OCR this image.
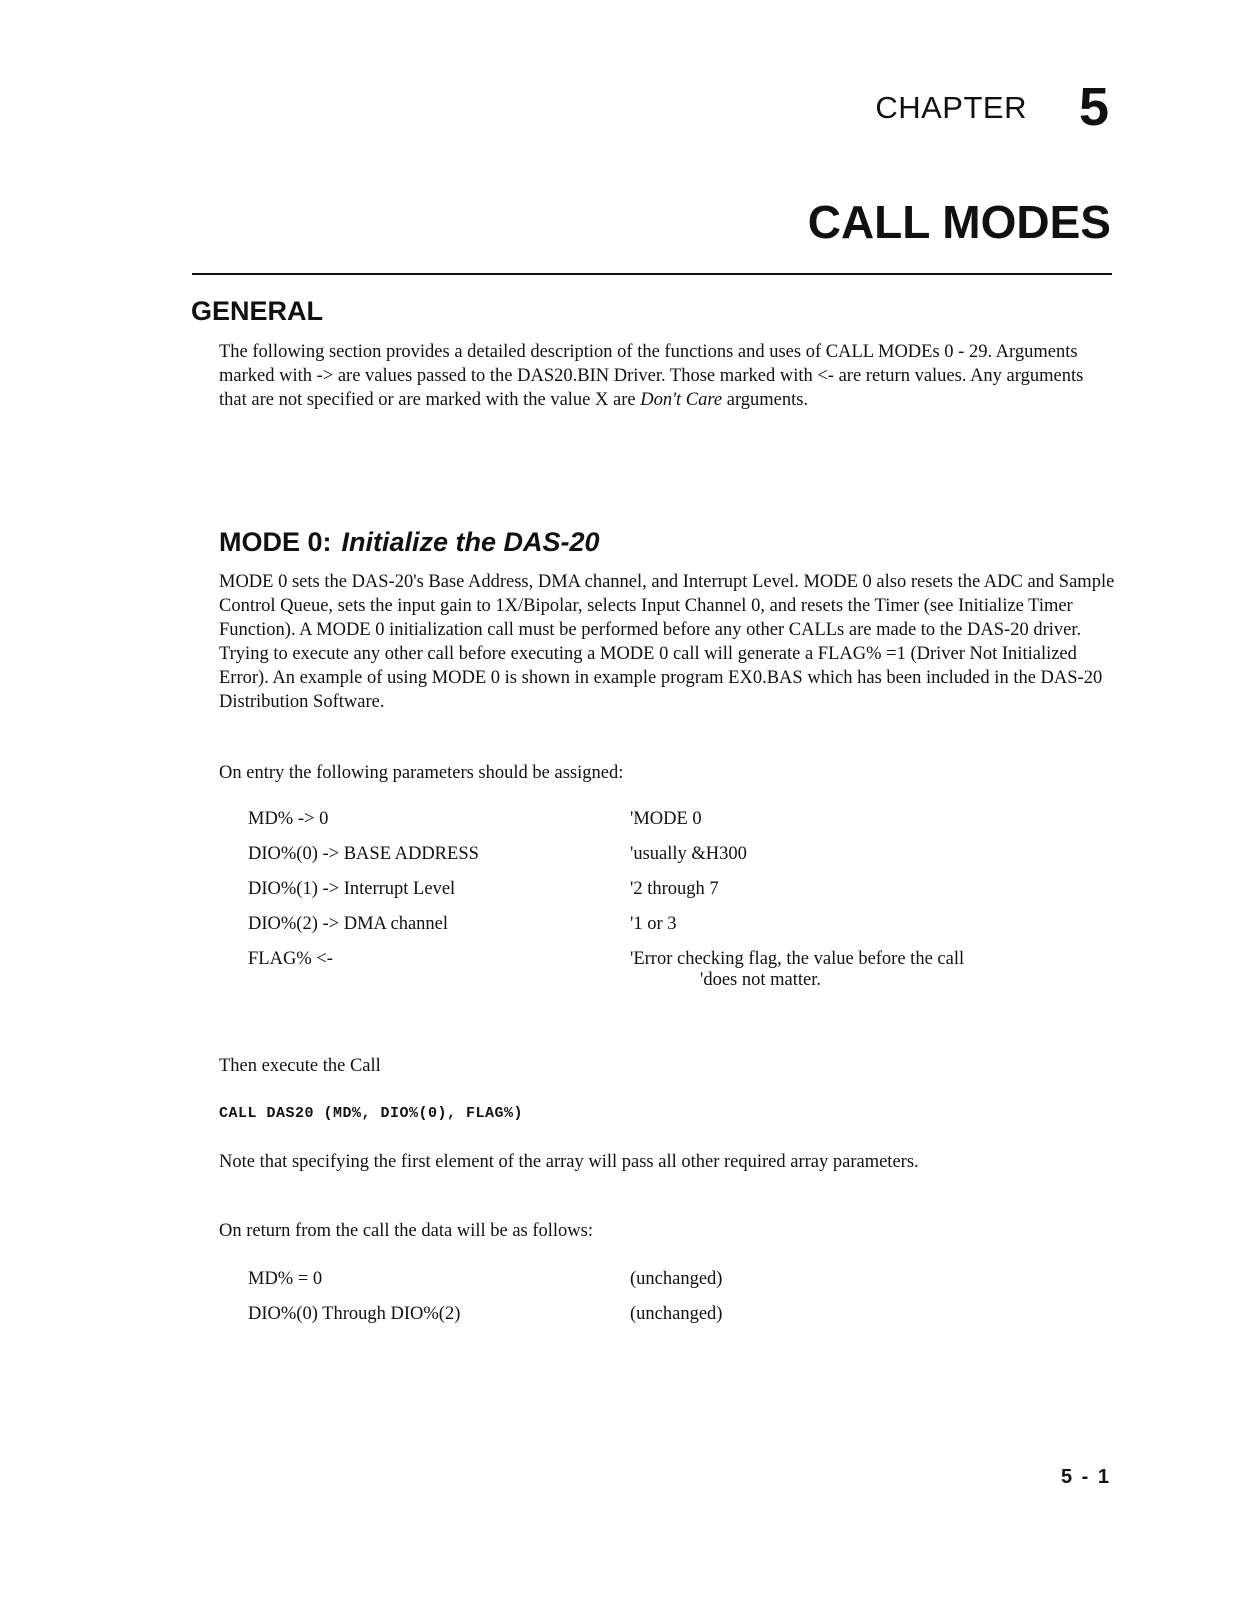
CHAPTER 5
CALL MODES
GENERAL

The following section provides a detailed description of the functions and uses of CALL MODEs 0 - 29. Arguments marked with -> are values passed to the DAS20.BIN Driver. Those marked with <- are return values. Any arguments that are not specified or are marked with the value X are Don't Care arguments.

MODE 0: Initialize the DAS-20

MODE 0 sets the DAS-20's Base Address, DMA channel, and Interrupt Level. MODE 0 also resets the ADC and Sample Control Queue, sets the input gain to 1X/Bipolar, selects Input Channel 0, and resets the Timer (see Initialize Timer Function). A MODE 0 initialization call must be performed before any other CALLs are made to the DAS-20 driver. Trying to execute any other call before executing a MODE 0 call will generate a FLAG% =1 (Driver Not Initialized Error). An example of using MODE 0 is shown in example program EX0.BAS which has been included in the DAS-20 Distribution Software.

On entry the following parameters should be assigned:

MD% -> 0	'MODE 0
DIO%(0) -> BASE ADDRESS	'usually &H300
DIO%(1) -> Interrupt Level	'2 through 7
DIO%(2) -> DMA channel	'1 or 3
FLAG% <-	'Error checking flag, the value before the call
'does not matter.

Then execute the Call

CALL DAS20 (MD%, DIO%(0), FLAG%)

Note that specifying the first element of the array will pass all other required array parameters.

On return from the call the data will be as follows:

MD% = 0	(unchanged)
DIO%(0) Through DIO%(2)	(unchanged)
5 - 1
